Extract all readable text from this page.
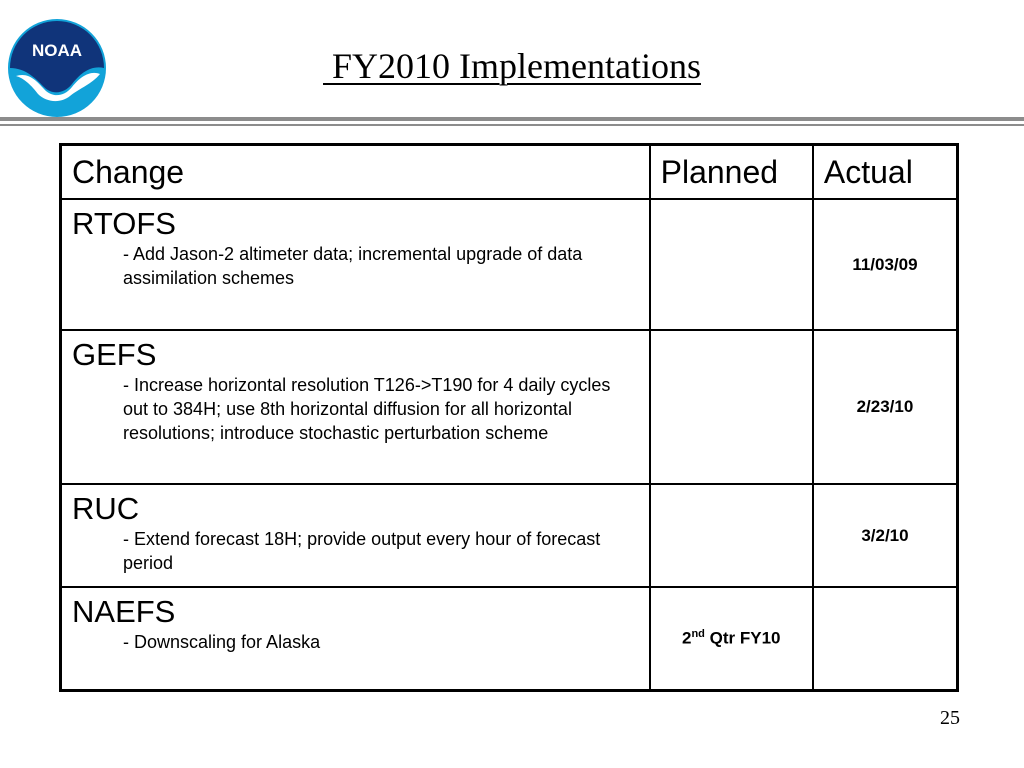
NOAA	FY2010 Implementations
Change	Planned	Actual

RTOFS
- Add Jason-2 altimeter data; incremental upgrade of data assimilation schemes		11/03/09

GEFS
- Increase horizontal resolution T126->T190 for 4 daily cycles out to 384H; use 8th horizontal diffusion for all horizontal resolutions; introduce stochastic perturbation scheme		2/23/10

RUC
- Extend forecast 18H; provide output every hour of forecast period		3/2/10

NAEFS
- Downscaling for Alaska	2nd Qtr FY10	
25
